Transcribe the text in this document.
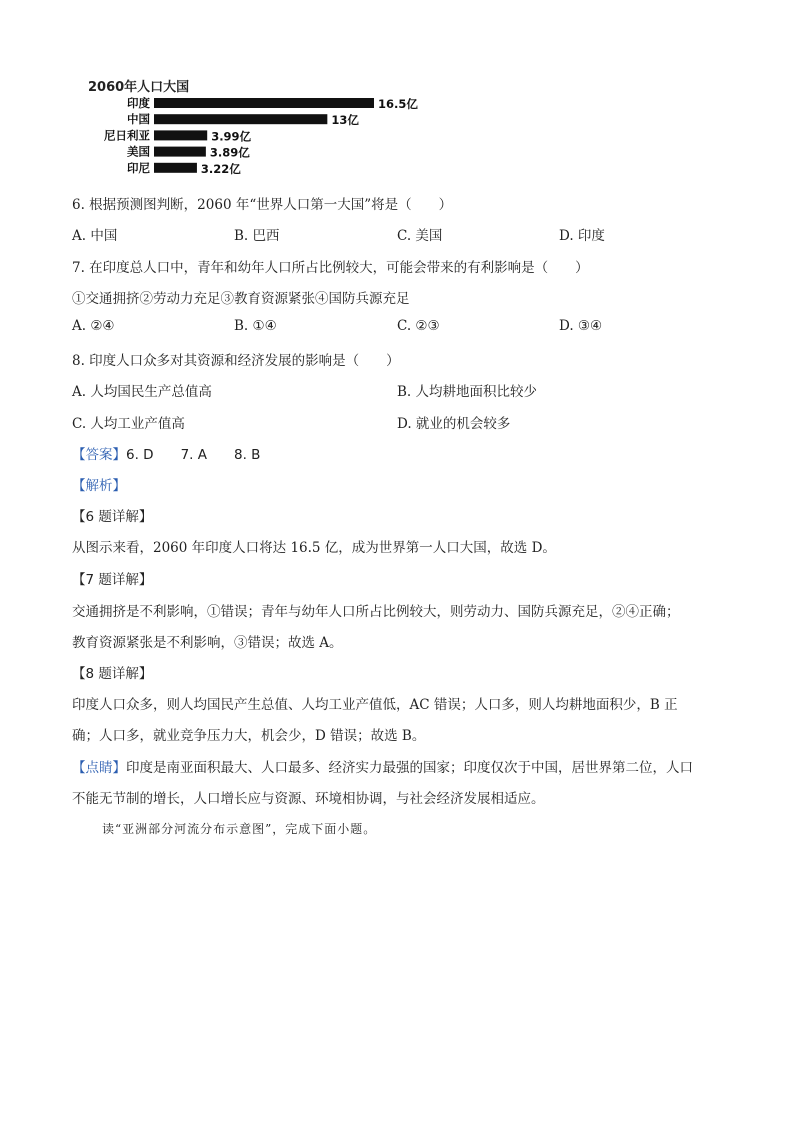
2060年人口大国
印度	16.5亿
中国	13亿
尼日利亚	3.99亿
美国	3.89亿
印尼	3.22亿
6. 根据预测图判断，2060 年“世界人口第一大国”将是（　　）
A. 中国	B. 巴西	C. 美国	D. 印度
7. 在印度总人口中，青年和幼年人口所占比例较大，可能会带来的有利影响是（　　）
①交通拥挤②劳动力充足③教育资源紧张④国防兵源充足
A. ②④	B. ①④	C. ②③	D. ③④
8. 印度人口众多对其资源和经济发展的影响是（　　）
A. 人均国民生产总值高	B. 人均耕地面积比较少
C. 人均工业产值高	D. 就业的机会较多
【答案】6. D　　7. A　　8. B
【解析】
【6 题详解】
从图示来看，2060 年印度人口将达 16.5 亿，成为世界第一人口大国，故选 D。
【7 题详解】
交通拥挤是不利影响，①错误；青年与幼年人口所占比例较大，则劳动力、国防兵源充足，②④正确；
教育资源紧张是不利影响，③错误；故选 A。
【8 题详解】
印度人口众多，则人均国民产生总值、人均工业产值低，AC 错误；人口多，则人均耕地面积少，B 正
确；人口多，就业竞争压力大，机会少，D 错误；故选 B。
【点睛】印度是南亚面积最大、人口最多、经济实力最强的国家；印度仅次于中国，居世界第二位，人口
不能无节制的增长，人口增长应与资源、环境相协调，与社会经济发展相适应。
读“亚洲部分河流分布示意图”，完成下面小题。
